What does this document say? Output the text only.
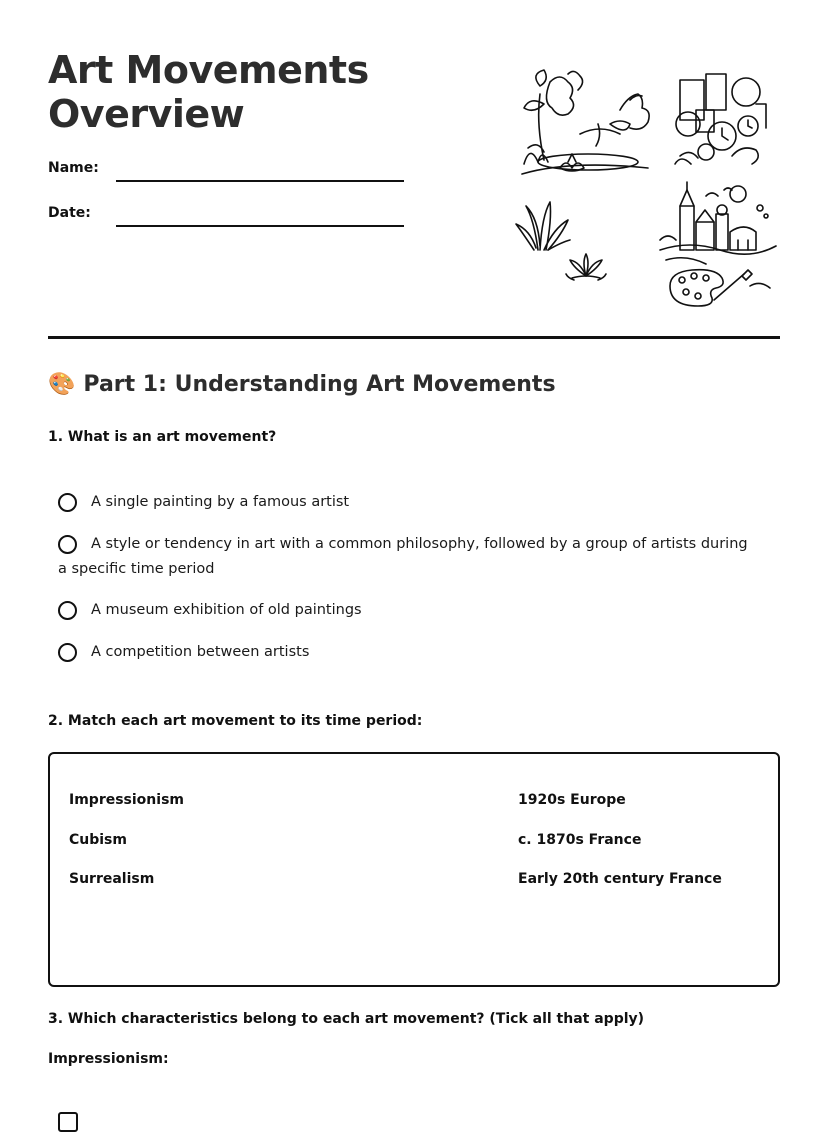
Art Movements
Overview
Name:
Date:
🎨 Part 1: Understanding Art Movements
1. What is an art movement?
A single painting by a famous artist
A style or tendency in art with a common philosophy, followed by a group of artists during a specific time period
A museum exhibition of old paintings
A competition between artists
2. Match each art movement to its time period:
Impressionism
Cubism
Surrealism
1920s Europe
c. 1870s France
Early 20th century France
3. Which characteristics belong to each art movement? (Tick all that apply)
Impressionism:
